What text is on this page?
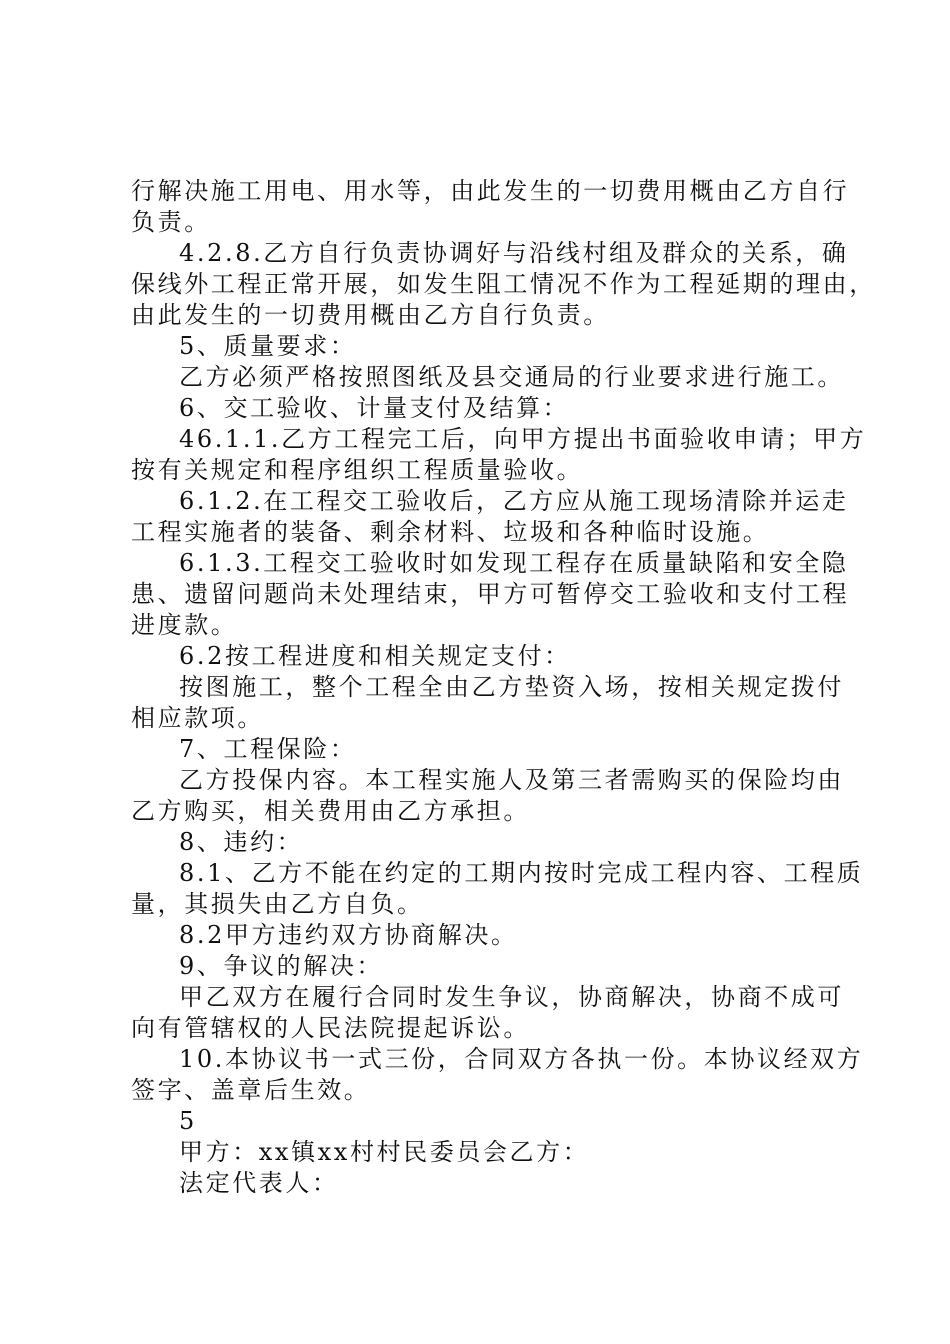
行解决施工用电、用水等，由此发生的一切费用概由乙方自行
负责。
4.2.8.乙方自行负责协调好与沿线村组及群众的关系，确
保线外工程正常开展，如发生阻工情况不作为工程延期的理由，
由此发生的一切费用概由乙方自行负责。
5、质量要求：
乙方必须严格按照图纸及县交通局的行业要求进行施工。
6、交工验收、计量支付及结算：
46.1.1.乙方工程完工后，向甲方提出书面验收申请；甲方
按有关规定和程序组织工程质量验收。
6.1.2.在工程交工验收后，乙方应从施工现场清除并运走
工程实施者的装备、剩余材料、垃圾和各种临时设施。
6.1.3.工程交工验收时如发现工程存在质量缺陷和安全隐
患、遗留问题尚未处理结束，甲方可暂停交工验收和支付工程
进度款。
6.2按工程进度和相关规定支付：
按图施工，整个工程全由乙方垫资入场，按相关规定拨付
相应款项。
7、工程保险：
乙方投保内容。本工程实施人及第三者需购买的保险均由
乙方购买，相关费用由乙方承担。
8、违约：
8.1、乙方不能在约定的工期内按时完成工程内容、工程质
量，其损失由乙方自负。
8.2甲方违约双方协商解决。
9、争议的解决：
甲乙双方在履行合同时发生争议，协商解决，协商不成可
向有管辖权的人民法院提起诉讼。
10.本协议书一式三份，合同双方各执一份。本协议经双方
签字、盖章后生效。
5
甲方：xx镇xx村村民委员会乙方：
法定代表人：
